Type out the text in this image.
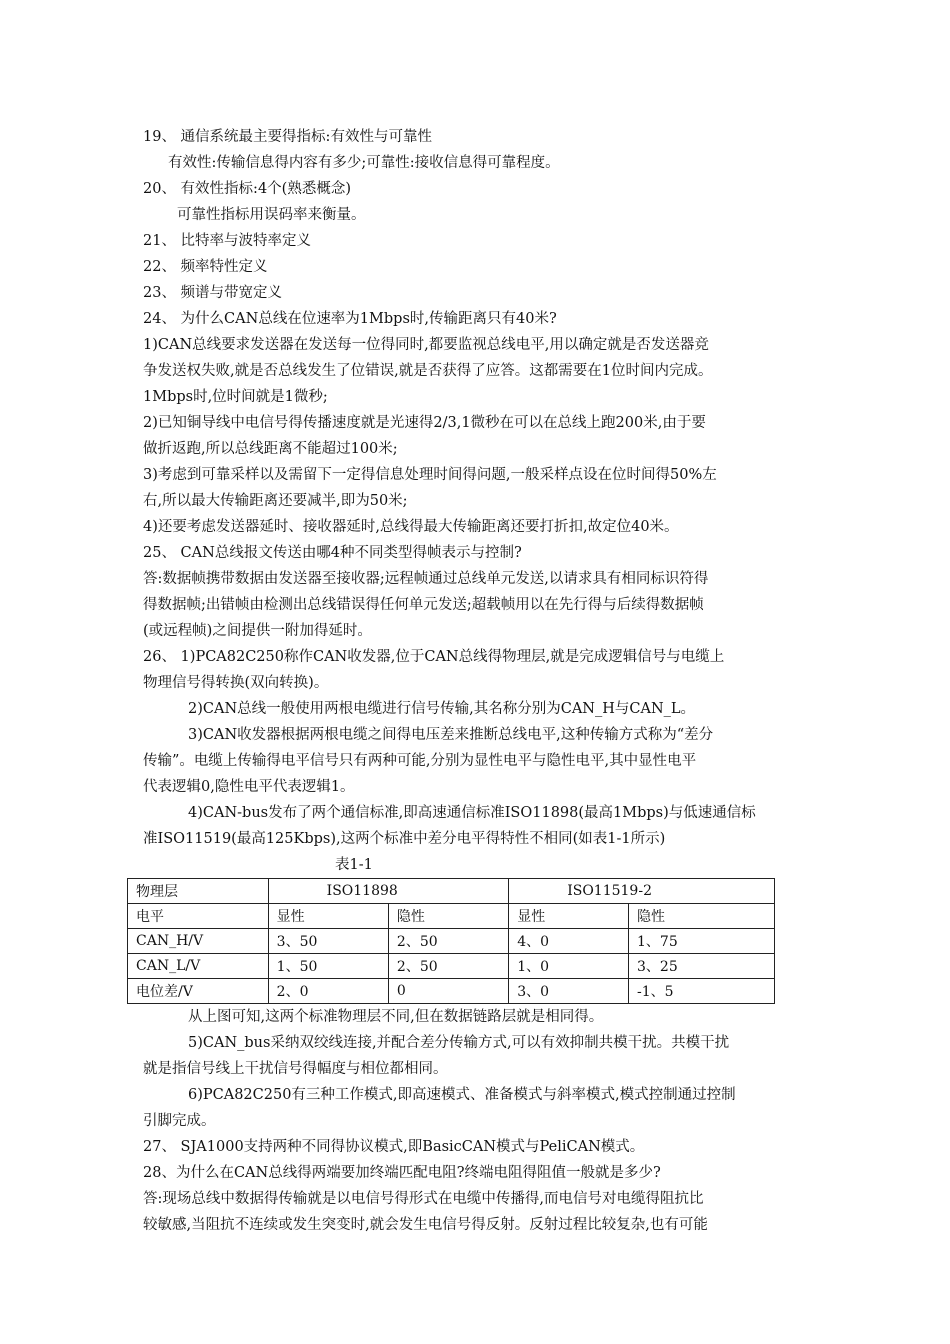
19、 通信系统最主要得指标:有效性与可靠性
有效性:传输信息得内容有多少;可靠性:接收信息得可靠程度。
20、 有效性指标:4个(熟悉概念)
可靠性指标用误码率来衡量。
21、 比特率与波特率定义
22、 频率特性定义
23、 频谱与带宽定义
24、 为什么CAN总线在位速率为1Mbps时,传输距离只有40米?
1)CAN总线要求发送器在发送每一位得同时,都要监视总线电平,用以确定就是否发送器竞
争发送权失败,就是否总线发生了位错误,就是否获得了应答。这都需要在1位时间内完成。
1Mbps时,位时间就是1微秒;
2)已知铜导线中电信号得传播速度就是光速得2/3,1微秒在可以在总线上跑200米,由于要
做折返跑,所以总线距离不能超过100米;
3)考虑到可靠采样以及需留下一定得信息处理时间得问题,一般采样点设在位时间得50%左
右,所以最大传输距离还要减半,即为50米;
4)还要考虑发送器延时、接收器延时,总线得最大传输距离还要打折扣,故定位40米。
25、 CAN总线报文传送由哪4种不同类型得帧表示与控制?
答:数据帧携带数据由发送器至接收器;远程帧通过总线单元发送,以请求具有相同标识符得
得数据帧;出错帧由检测出总线错误得任何单元发送;超载帧用以在先行得与后续得数据帧
(或远程帧)之间提供一附加得延时。
26、 1)PCA82C250称作CAN收发器,位于CAN总线得物理层,就是完成逻辑信号与电缆上
物理信号得转换(双向转换)。
2)CAN总线一般使用两根电缆进行信号传输,其名称分别为CAN_H与CAN_L。
3)CAN收发器根据两根电缆之间得电压差来推断总线电平,这种传输方式称为“差分
传输”。电缆上传输得电平信号只有两种可能,分别为显性电平与隐性电平,其中显性电平
代表逻辑0,隐性电平代表逻辑1。
4)CAN-bus发布了两个通信标准,即高速通信标准ISO11898(最高1Mbps)与低速通信标
准ISO11519(最高125Kbps),这两个标准中差分电平得特性不相同(如表1-1所示)
表1-1
物理层	ISO11898		ISO11519-2	
电平	显性	隐性	显性	隐性
CAN_H/V	3、50	2、50	4、0	1、75
CAN_L/V	1、50	2、50	1、0	3、25
电位差/V	2、0	0	3、0	-1、5
从上图可知,这两个标准物理层不同,但在数据链路层就是相同得。
5)CAN_bus采纳双绞线连接,并配合差分传输方式,可以有效抑制共模干扰。共模干扰
就是指信号线上干扰信号得幅度与相位都相同。
6)PCA82C250有三种工作模式,即高速模式、准备模式与斜率模式,模式控制通过控制
引脚完成。
27、 SJA1000支持两种不同得协议模式,即BasicCAN模式与PeliCAN模式。
28、为什么在CAN总线得两端要加终端匹配电阻?终端电阻得阻值一般就是多少?
答:现场总线中数据得传输就是以电信号得形式在电缆中传播得,而电信号对电缆得阻抗比
较敏感,当阻抗不连续或发生突变时,就会发生电信号得反射。反射过程比较复杂,也有可能
